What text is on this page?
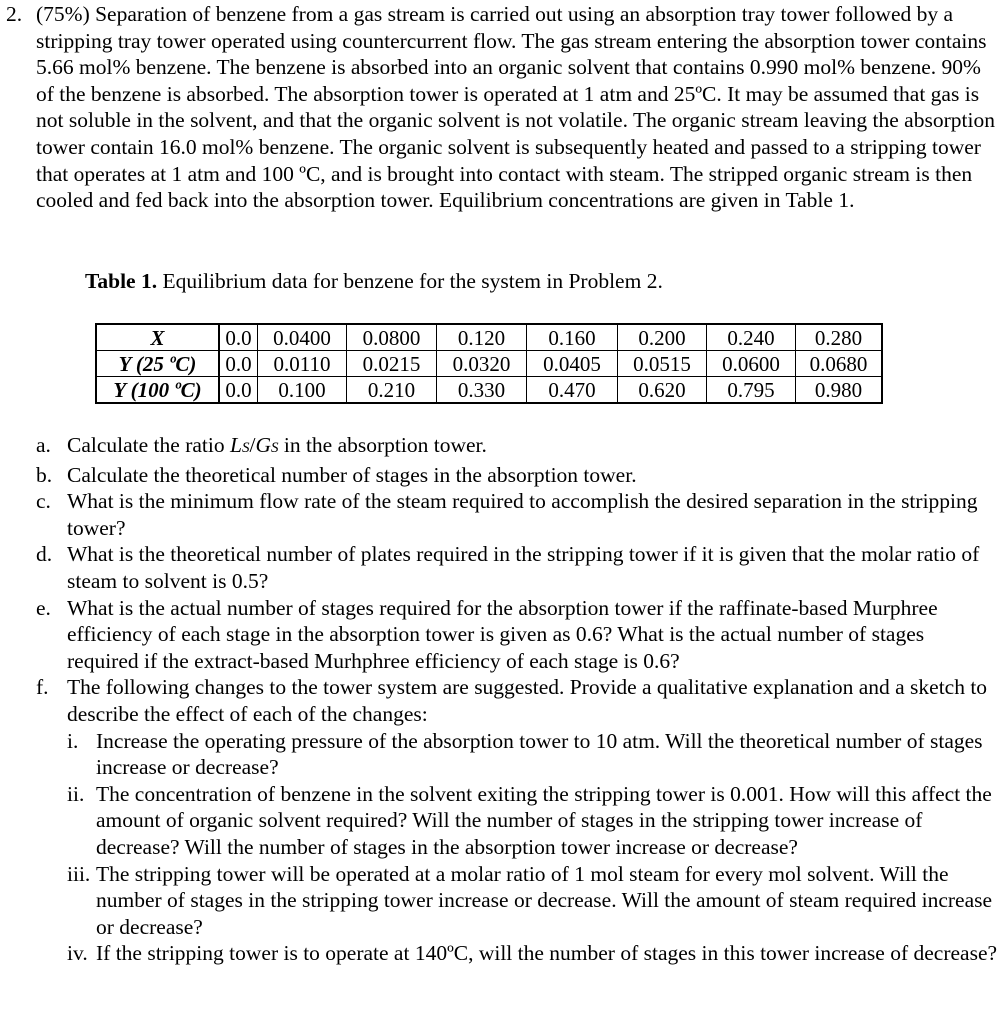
2. (75%) Separation of benzene from a gas stream is carried out using an absorption tray tower followed by a stripping tray tower operated using countercurrent flow. The gas stream entering the absorption tower contains 5.66 mol% benzene. The benzene is absorbed into an organic solvent that contains 0.990 mol% benzene. 90% of the benzene is absorbed. The absorption tower is operated at 1 atm and 25ºC. It may be assumed that gas is not soluble in the solvent, and that the organic solvent is not volatile. The organic stream leaving the absorption tower contain 16.0 mol% benzene. The organic solvent is subsequently heated and passed to a stripping tower that operates at 1 atm and 100 ºC, and is brought into contact with steam. The stripped organic stream is then cooled and fed back into the absorption tower. Equilibrium concentrations are given in Table 1.
Table 1. Equilibrium data for benzene for the system in Problem 2.
X	0.0	0.0400	0.0800	0.120	0.160	0.200	0.240	0.280
Y (25 ºC)	0.0	0.0110	0.0215	0.0320	0.0405	0.0515	0.0600	0.0680
Y (100 ºC)	0.0	0.100	0.210	0.330	0.470	0.620	0.795	0.980
a. Calculate the ratio LS/GS in the absorption tower.
b. Calculate the theoretical number of stages in the absorption tower.
c. What is the minimum flow rate of the steam required to accomplish the desired separation in the stripping tower?
d. What is the theoretical number of plates required in the stripping tower if it is given that the molar ratio of steam to solvent is 0.5?
e. What is the actual number of stages required for the absorption tower if the raffinate-based Murphree efficiency of each stage in the absorption tower is given as 0.6? What is the actual number of stages required if the extract-based Murhphree efficiency of each stage is 0.6?
f. The following changes to the tower system are suggested. Provide a qualitative explanation and a sketch to describe the effect of each of the changes:
i. Increase the operating pressure of the absorption tower to 10 atm. Will the theoretical number of stages increase or decrease?
ii. The concentration of benzene in the solvent exiting the stripping tower is 0.001. How will this affect the amount of organic solvent required? Will the number of stages in the stripping tower increase of decrease? Will the number of stages in the absorption tower increase or decrease?
iii. The stripping tower will be operated at a molar ratio of 1 mol steam for every mol solvent. Will the number of stages in the stripping tower increase or decrease. Will the amount of steam required increase or decrease?
iv. If the stripping tower is to operate at 140ºC, will the number of stages in this tower increase of decrease?
